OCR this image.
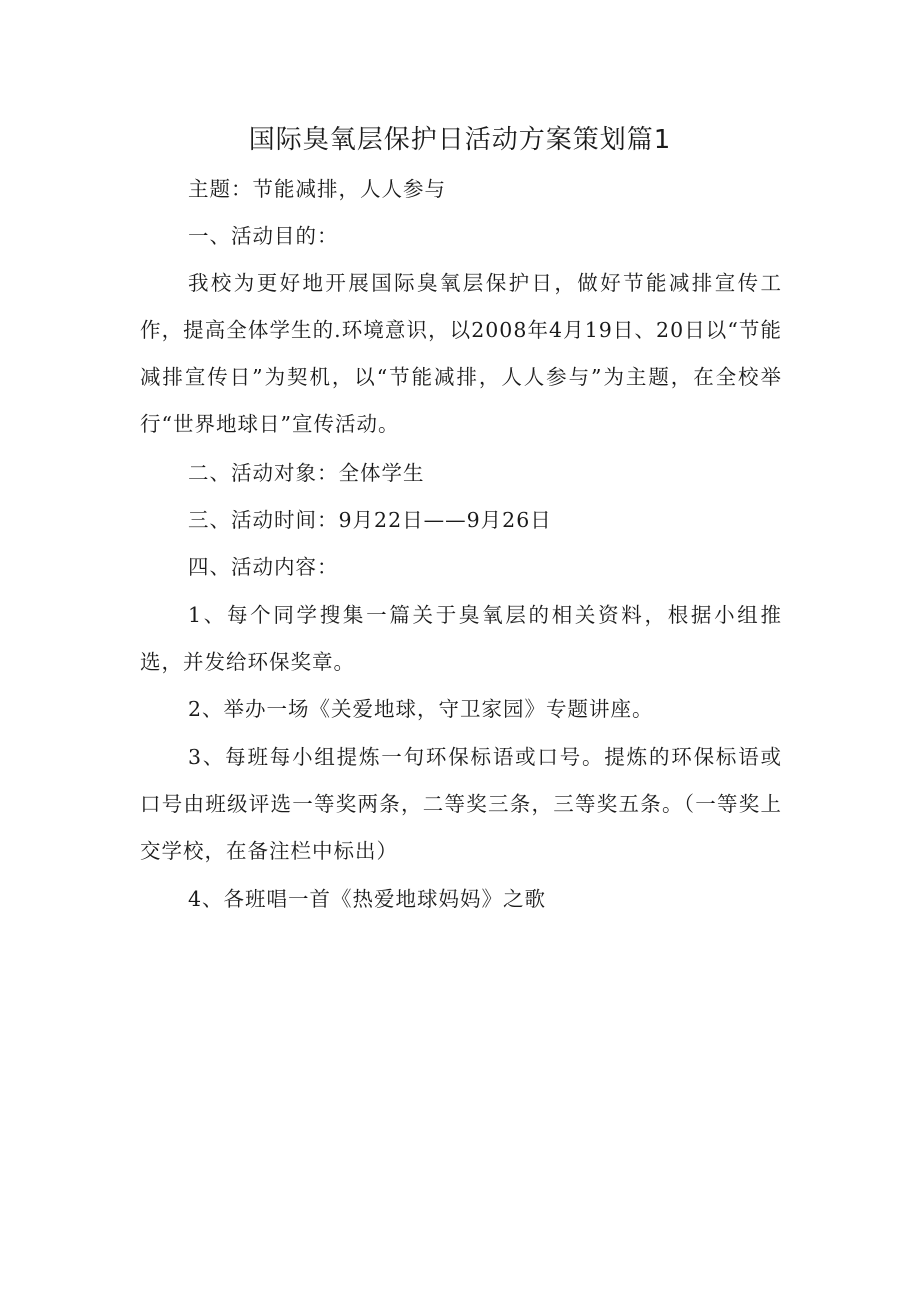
国际臭氧层保护日活动方案策划篇1

主题：节能减排，人人参与

一、活动目的：

我校为更好地开展国际臭氧层保护日，做好节能减排宣传工作，提高全体学生的.环境意识，以2008年4月19日、20日以“节能减排宣传日”为契机，以“节能减排，人人参与”为主题，在全校举行“世界地球日”宣传活动。

二、活动对象：全体学生

三、活动时间：9月22日——9月26日

四、活动内容：

1、每个同学搜集一篇关于臭氧层的相关资料，根据小组推选，并发给环保奖章。

2、举办一场《关爱地球，守卫家园》专题讲座。

3、每班每小组提炼一句环保标语或口号。提炼的环保标语或口号由班级评选一等奖两条，二等奖三条，三等奖五条。（一等奖上交学校，在备注栏中标出）

4、各班唱一首《热爱地球妈妈》之歌
